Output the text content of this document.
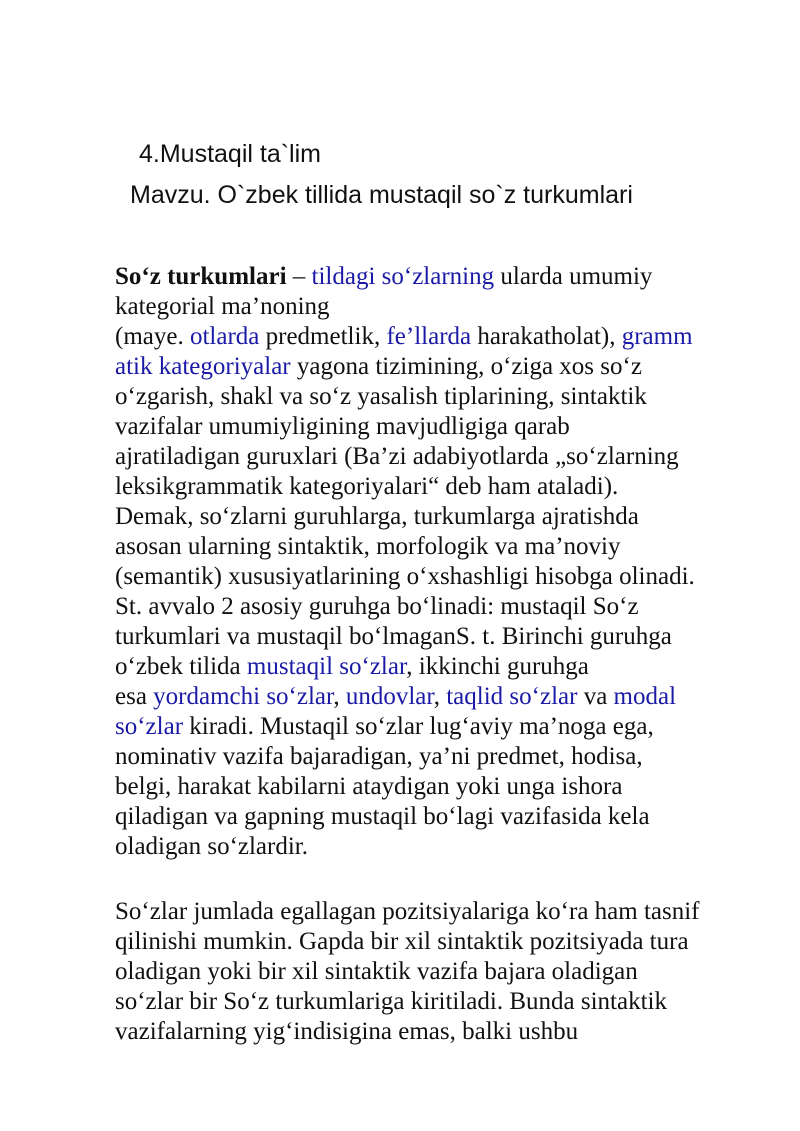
4.Mustaqil ta`lim
Mavzu. O`zbek tillida mustaqil so`z turkumlari
So‘z turkumlari – tildagi so‘zlarning ularda umumiy
kategorial ma’noning
(maye. otlarda predmetlik, fe’llarda harakatholat), gramm
atik kategoriyalar yagona tizimining, o‘ziga xos so‘z
o‘zgarish, shakl va so‘z yasalish tiplarining, sintaktik
vazifalar umumiyligining mavjudligiga qarab
ajratiladigan guruxlari (Ba’zi adabiyotlarda „so‘zlarning
leksikgrammatik kategoriyalari“ deb ham ataladi).
Demak, so‘zlarni guruhlarga, turkumlarga ajratishda
asosan ularning sintaktik, morfologik va ma’noviy
(semantik) xususiyatlarining o‘xshashligi hisobga olinadi.
St. avvalo 2 asosiy guruhga bo‘linadi: mustaqil So‘z
turkumlari va mustaqil bo‘lmaganS. t. Birinchi guruhga
o‘zbek tilida mustaqil so‘zlar, ikkinchi guruhga
esa yordamchi so‘zlar, undovlar, taqlid so‘zlar va modal
so‘zlar kiradi. Mustaqil so‘zlar lug‘aviy ma’noga ega,
nominativ vazifa bajaradigan, ya’ni predmet, hodisa,
belgi, harakat kabilarni ataydigan yoki unga ishora
qiladigan va gapning mustaqil bo‘lagi vazifasida kela
oladigan so‘zlardir.
So‘zlar jumlada egallagan pozitsiyalariga ko‘ra ham tasnif
qilinishi mumkin. Gapda bir xil sintaktik pozitsiyada tura
oladigan yoki bir xil sintaktik vazifa bajara oladigan
so‘zlar bir So‘z turkumlariga kiritiladi. Bunda sintaktik
vazifalarning yig‘indisigina emas, balki ushbu
